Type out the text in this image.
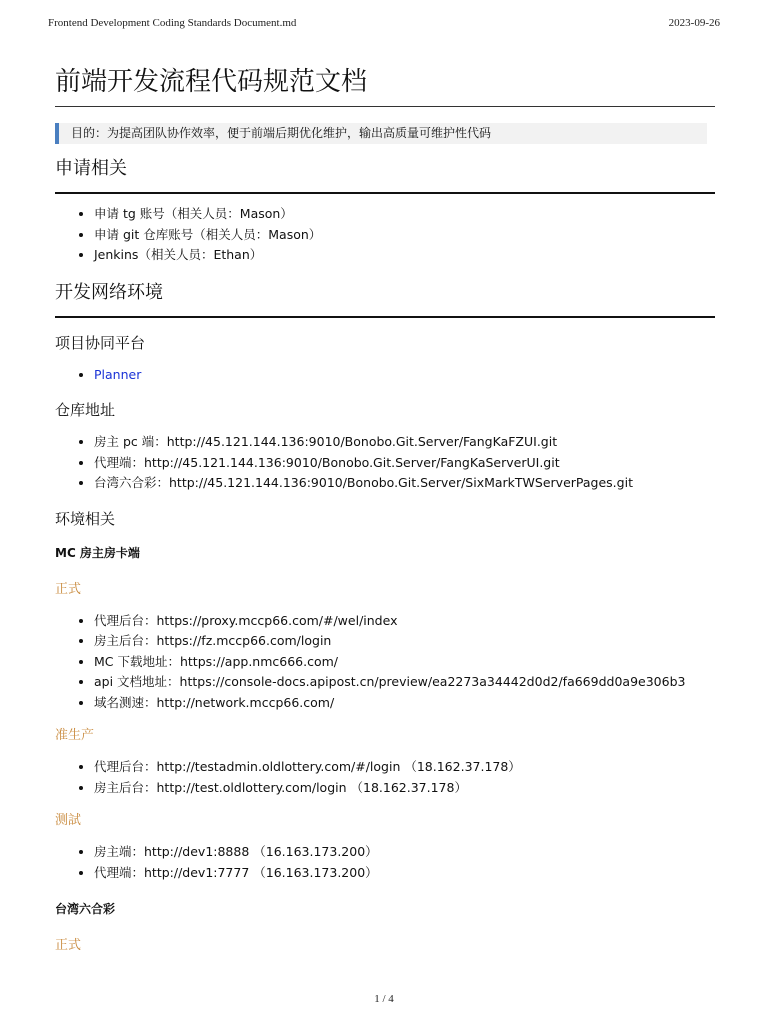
Frontend Development Coding Standards Document.md	2023-09-26
前端开发流程代码规范文档
目的：为提高团队协作效率，便于前端后期优化维护，输出高质量可维护性代码
申请相关
• 申请 tg 账号（相关人员：Mason）
• 申请 git 仓库账号（相关人员：Mason）
• Jenkins（相关人员：Ethan）
开发网络环境
项目协同平台
• Planner
仓库地址
• 房主 pc 端：http://45.121.144.136:9010/Bonobo.Git.Server/FangKaFZUI.git
• 代理端：http://45.121.144.136:9010/Bonobo.Git.Server/FangKaServerUI.git
• 台湾六合彩：http://45.121.144.136:9010/Bonobo.Git.Server/SixMarkTWServerPages.git
环境相关
MC 房主房卡端
正式
• 代理后台：https://proxy.mccp66.com/#/wel/index
• 房主后台：https://fz.mccp66.com/login
• MC 下载地址：https://app.nmc666.com/
• api 文档地址：https://console-docs.apipost.cn/preview/ea2273a34442d0d2/fa669dd0a9e306b3
• 域名测速：http://network.mccp66.com/
准生产
• 代理后台：http://testadmin.oldlottery.com/#/login （18.162.37.178）
• 房主后台：http://test.oldlottery.com/login （18.162.37.178）
测試
• 房主端：http://dev1:8888 （16.163.173.200）
• 代理端：http://dev1:7777 （16.163.173.200）
台湾六合彩
正式
1 / 4
